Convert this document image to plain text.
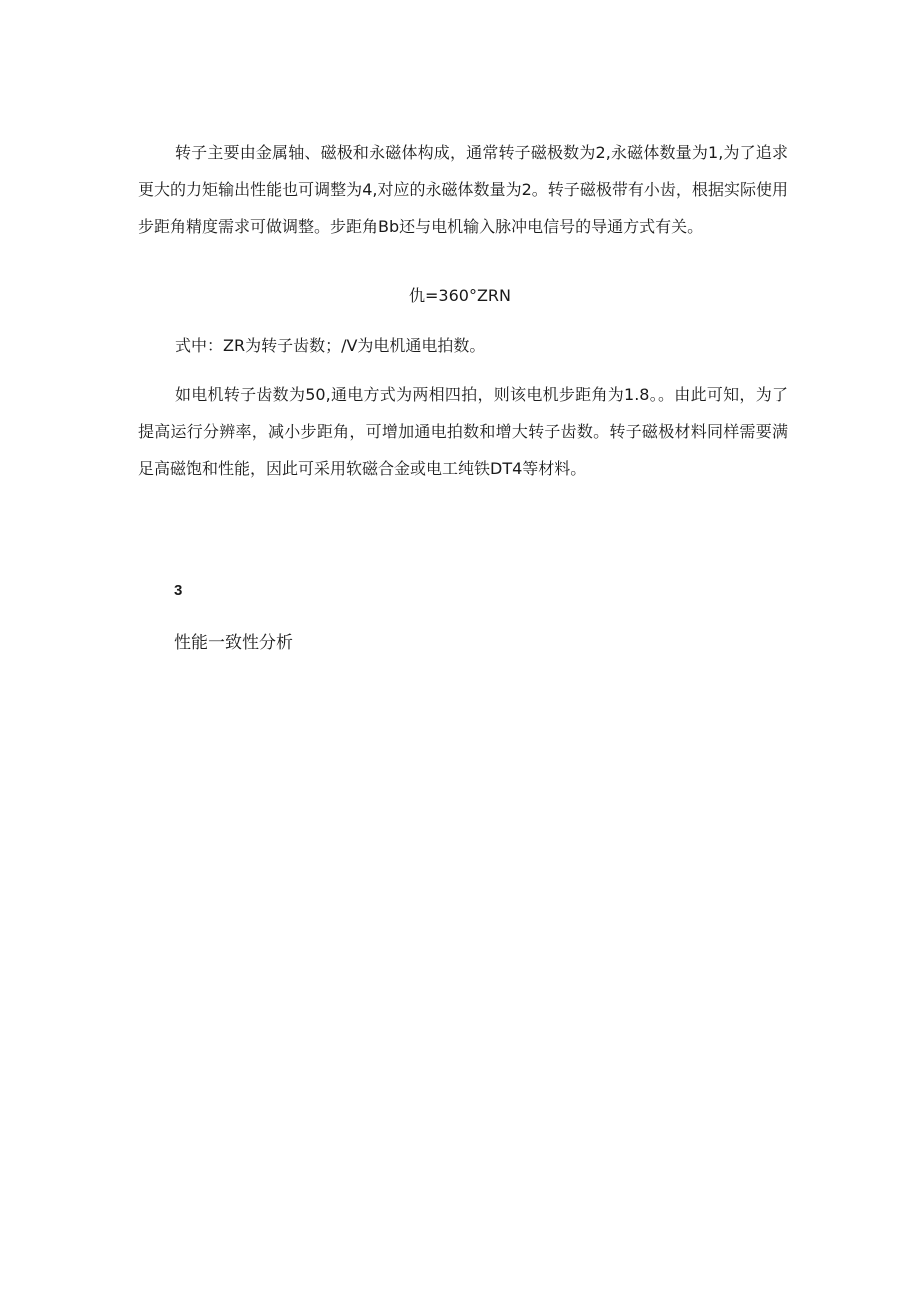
转子主要由金属轴、磁极和永磁体构成，通常转子磁极数为2,永磁体数量为1,为了追求更大的力矩输出性能也可调整为4,对应的永磁体数量为2。转子磁极带有小齿，根据实际使用步距角精度需求可做调整。步距角Bb还与电机输入脉冲电信号的导通方式有关。

仇=360°ZRN

式中：ZR为转子齿数；/V为电机通电拍数。

如电机转子齿数为50,通电方式为两相四拍，则该电机步距角为1.8。。由此可知，为了提高运行分辨率，减小步距角，可增加通电拍数和增大转子齿数。转子磁极材料同样需要满足高磁饱和性能，因此可采用软磁合金或电工纯铁DT4等材料。

3

性能一致性分析
